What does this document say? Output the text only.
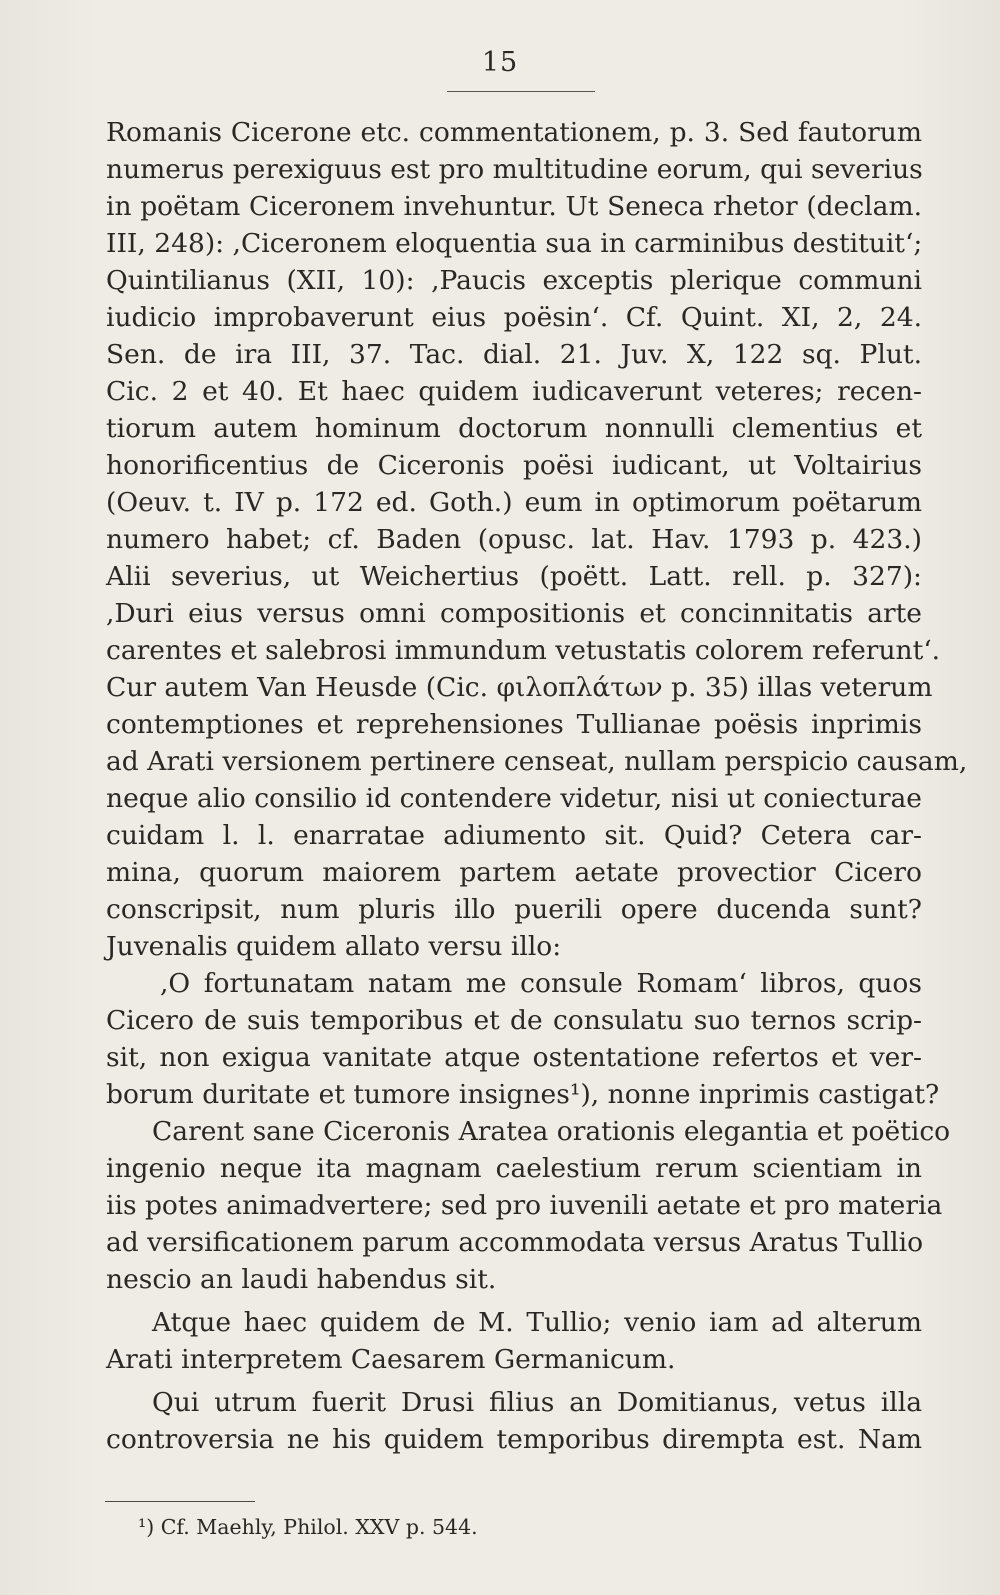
15
Romanis Cicerone etc. commentationem, p. 3. Sed fautorum
numerus perexiguus est pro multitudine eorum, qui severius
in poëtam Ciceronem invehuntur. Ut Seneca rhetor (declam.
III, 248): ,Ciceronem eloquentia sua in carminibus destituit‘;
Quintilianus (XII, 10): ,Paucis exceptis plerique communi
iudicio improbaverunt eius poësin‘. Cf. Quint. XI, 2, 24.
Sen. de ira III, 37. Tac. dial. 21. Juv. X, 122 sq. Plut.
Cic. 2 et 40. Et haec quidem iudicaverunt veteres; recen-
tiorum autem hominum doctorum nonnulli clementius et
honorificentius de Ciceronis poësi iudicant, ut Voltairius
(Oeuv. t. IV p. 172 ed. Goth.) eum in optimorum poëtarum
numero habet; cf. Baden (opusc. lat. Hav. 1793 p. 423.)
Alii severius, ut Weichertius (poëtt. Latt. rell. p. 327):
,Duri eius versus omni compositionis et concinnitatis arte
carentes et salebrosi immundum vetustatis colorem referunt‘.
Cur autem Van Heusde (Cic. φιλοπλάτων p. 35) illas veterum
contemptiones et reprehensiones Tullianae poësis inprimis
ad Arati versionem pertinere censeat, nullam perspicio causam,
neque alio consilio id contendere videtur, nisi ut coniecturae
cuidam l. l. enarratae adiumento sit. Quid? Cetera car-
mina, quorum maiorem partem aetate provectior Cicero
conscripsit, num pluris illo puerili opere ducenda sunt?
Juvenalis quidem allato versu illo:
,O fortunatam natam me consule Romam‘ libros, quos
Cicero de suis temporibus et de consulatu suo ternos scrip-
sit, non exigua vanitate atque ostentatione refertos et ver-
borum duritate et tumore insignes¹), nonne inprimis castigat?
Carent sane Ciceronis Aratea orationis elegantia et poëtico
ingenio neque ita magnam caelestium rerum scientiam in
iis potes animadvertere; sed pro iuvenili aetate et pro materia
ad versificationem parum accommodata versus Aratus Tullio
nescio an laudi habendus sit.
Atque haec quidem de M. Tullio; venio iam ad alterum
Arati interpretem Caesarem Germanicum.
Qui utrum fuerit Drusi filius an Domitianus, vetus illa
controversia ne his quidem temporibus dirempta est. Nam
¹) Cf. Maehly, Philol. XXV p. 544.
